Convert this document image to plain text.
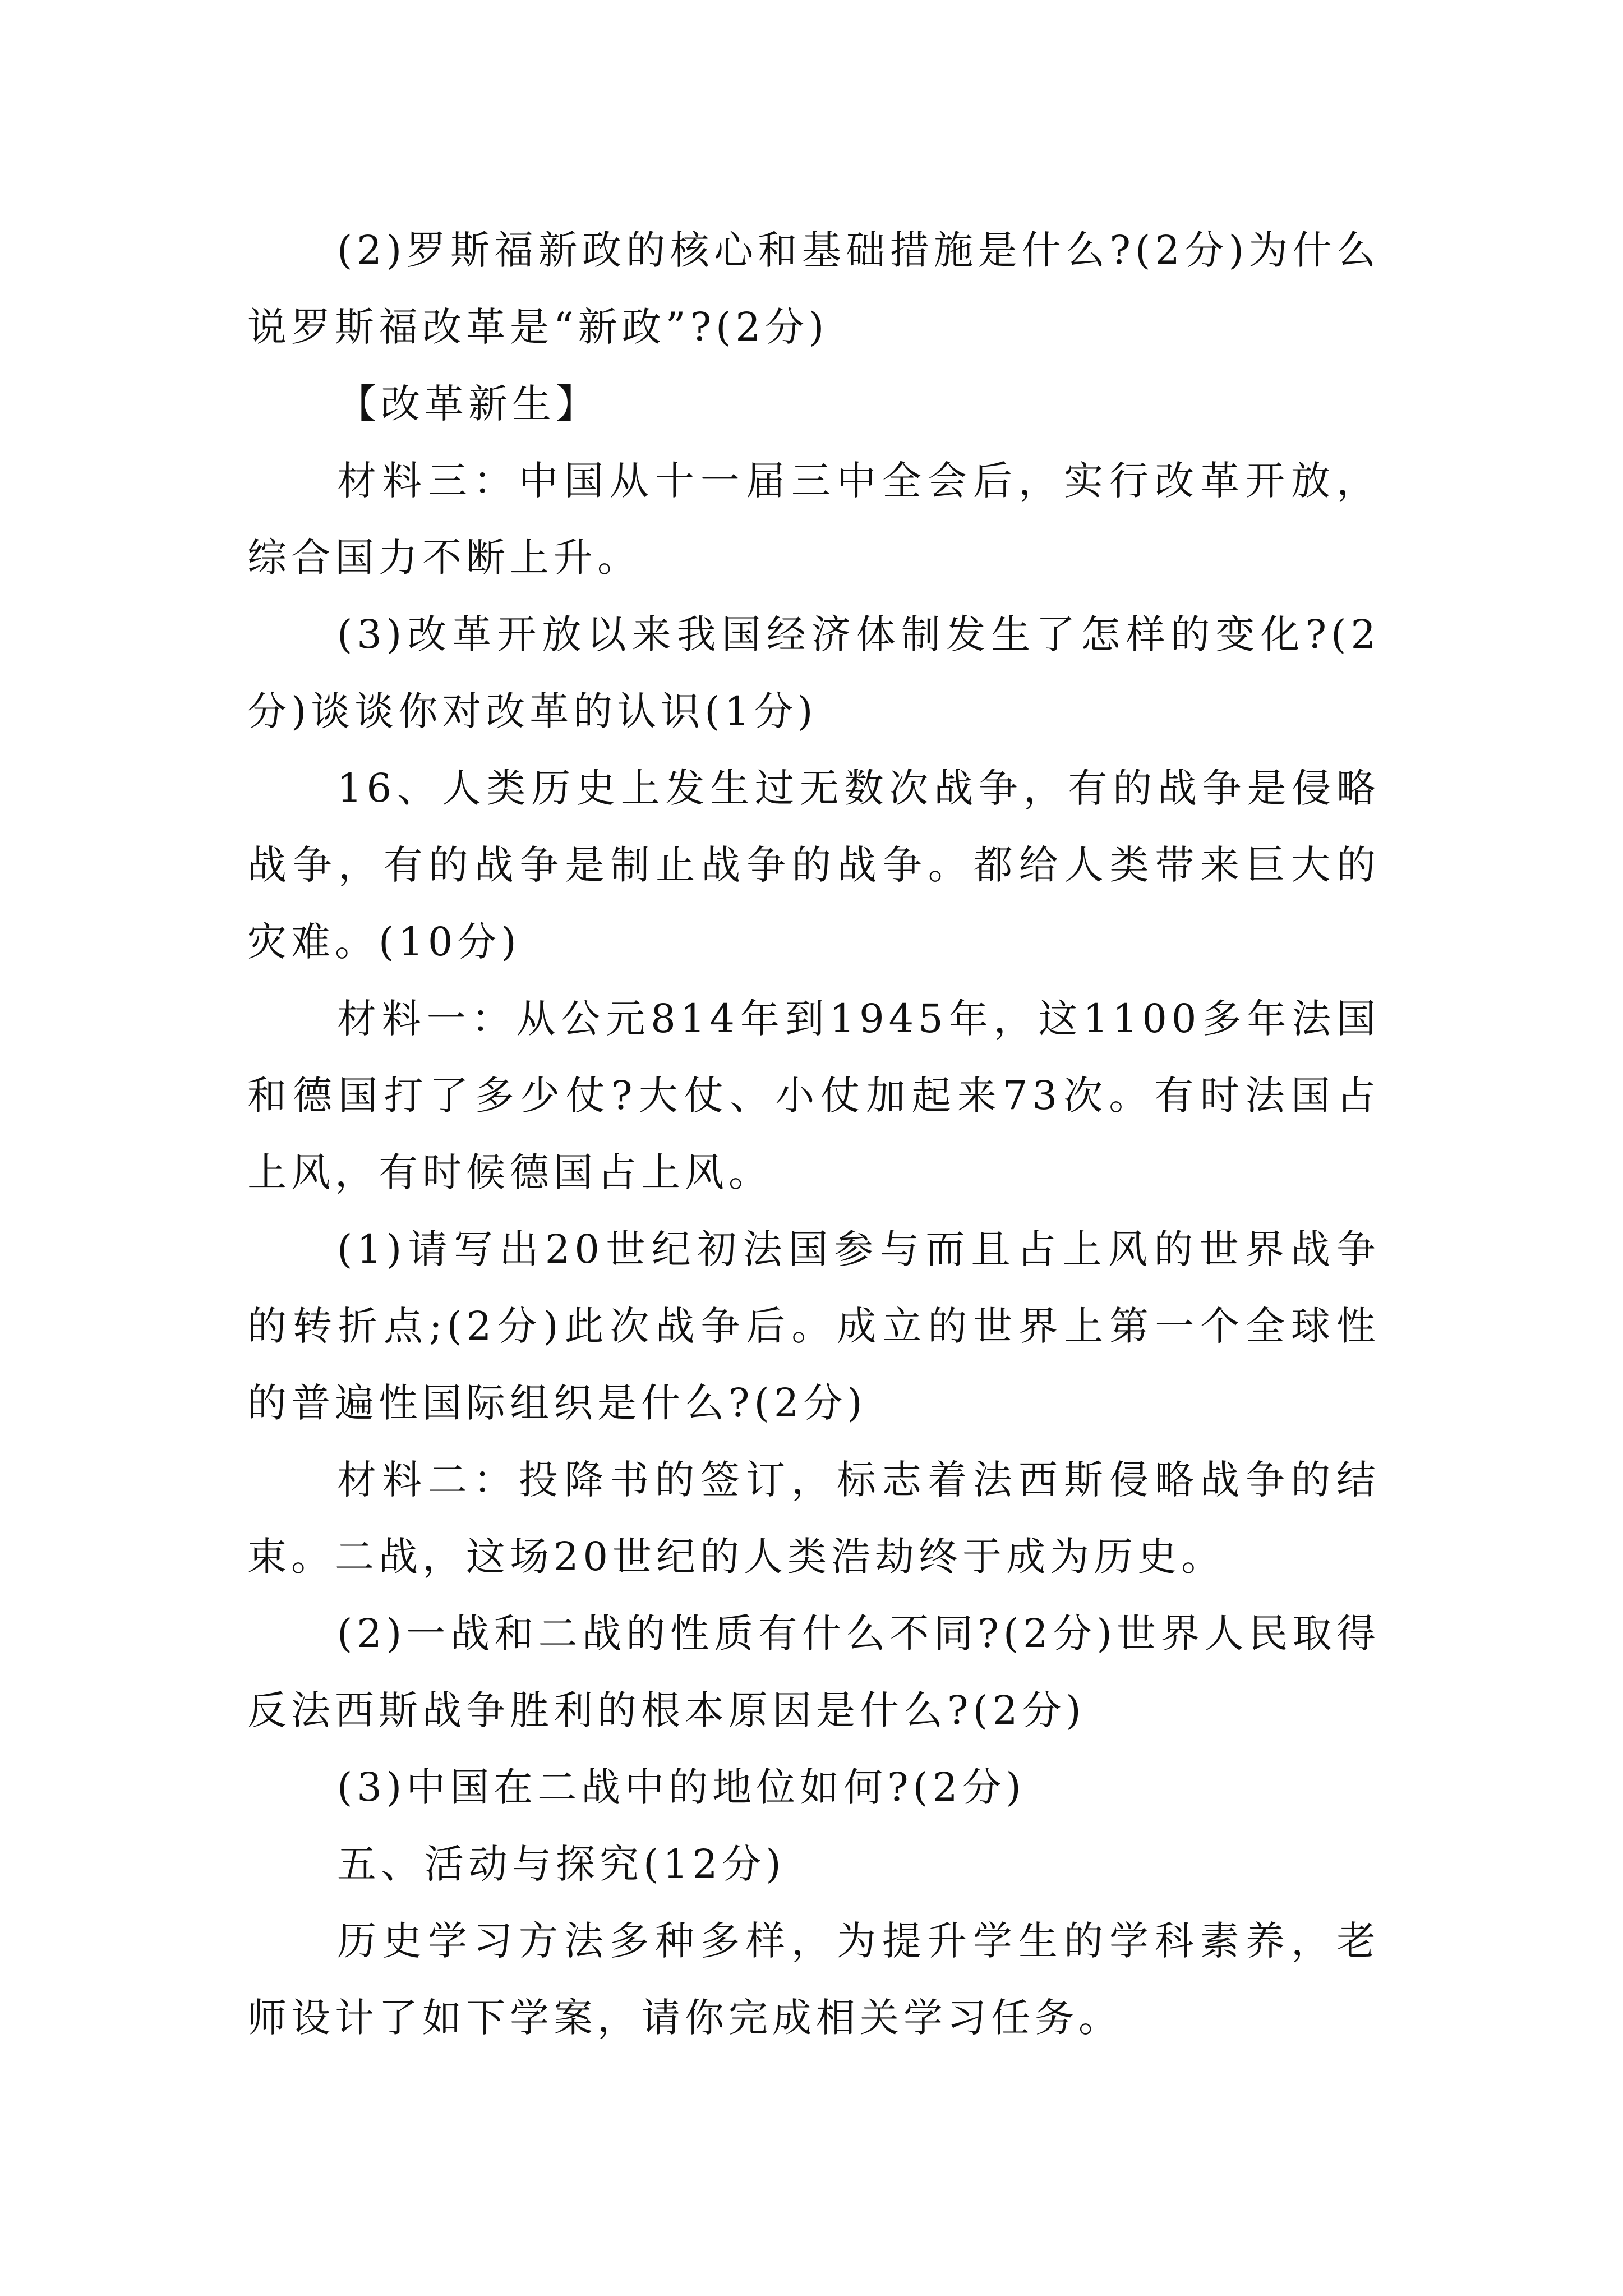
(2)罗斯福新政的核心和基础措施是什么?(2分)为什么说罗斯福改革是“新政”?(2分)

【改革新生】

材料三：中国从十一届三中全会后，实行改革开放，综合国力不断上升。

(3)改革开放以来我国经济体制发生了怎样的变化?(2分)谈谈你对改革的认识(1分)

16、人类历史上发生过无数次战争，有的战争是侵略战争，有的战争是制止战争的战争。都给人类带来巨大的灾难。(10分)

材料一：从公元814年到1945年，这1100多年法国和德国打了多少仗?大仗、小仗加起来73次。有时法国占上风，有时候德国占上风。

(1)请写出20世纪初法国参与而且占上风的世界战争的转折点;(2分)此次战争后。成立的世界上第一个全球性的普遍性国际组织是什么?(2分)

材料二：投降书的签订，标志着法西斯侵略战争的结束。二战，这场20世纪的人类浩劫终于成为历史。

(2)一战和二战的性质有什么不同?(2分)世界人民取得反法西斯战争胜利的根本原因是什么?(2分)

(3)中国在二战中的地位如何?(2分)

五、活动与探究(12分)

历史学习方法多种多样，为提升学生的学科素养，老师设计了如下学案，请你完成相关学习任务。
